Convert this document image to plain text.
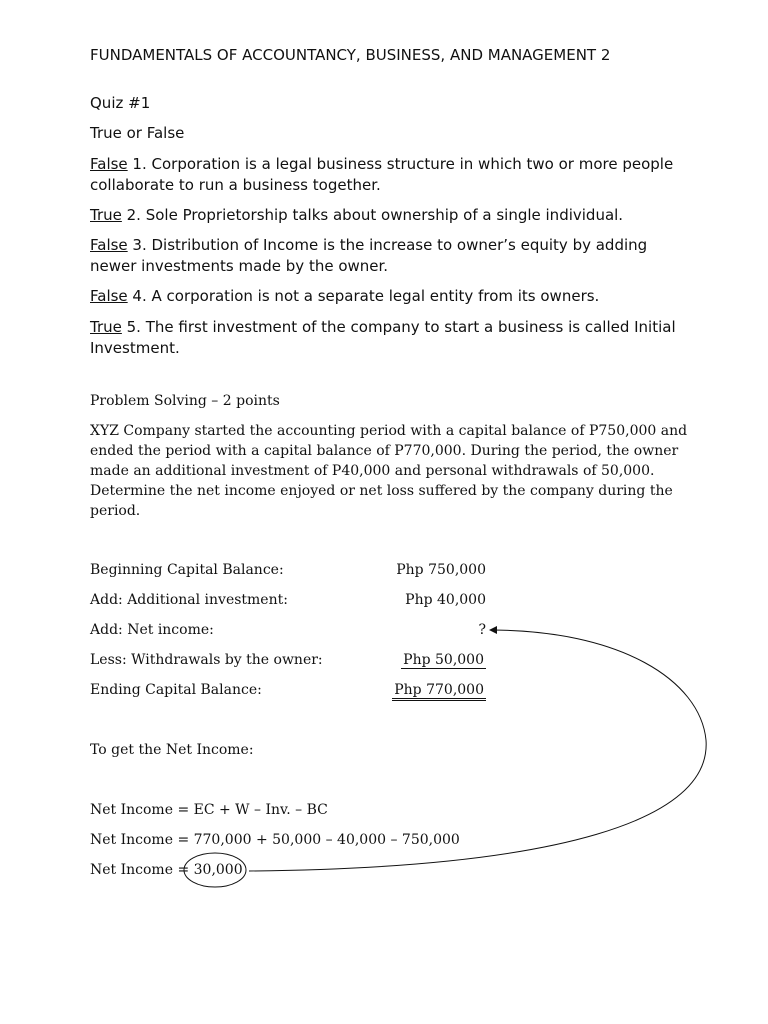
FUNDAMENTALS OF ACCOUNTANCY, BUSINESS, AND MANAGEMENT 2

Quiz #1

True or False

False 1. Corporation is a legal business structure in which two or more people collaborate to run a business together.

True 2. Sole Proprietorship talks about ownership of a single individual.

False 3. Distribution of Income is the increase to owner’s equity by adding newer investments made by the owner.

False 4. A corporation is not a separate legal entity from its owners.

True 5. The first investment of the company to start a business is called Initial Investment.

Problem Solving – 2 points

XYZ Company started the accounting period with a capital balance of P750,000 and ended the period with a capital balance of P770,000. During the period, the owner made an additional investment of P40,000 and personal withdrawals of 50,000. Determine the net income enjoyed or net loss suffered by the company during the period.

Beginning Capital Balance:	Php 750,000

Add: Additional investment:	Php 40,000

Add: Net income:	?

Less: Withdrawals by the owner:	Php 50,000

Ending Capital Balance:	Php 770,000

To get the Net Income:

Net Income = EC + W – Inv. – BC

Net Income = 770,000 + 50,000 – 40,000 – 750,000

Net Income = 30,000
